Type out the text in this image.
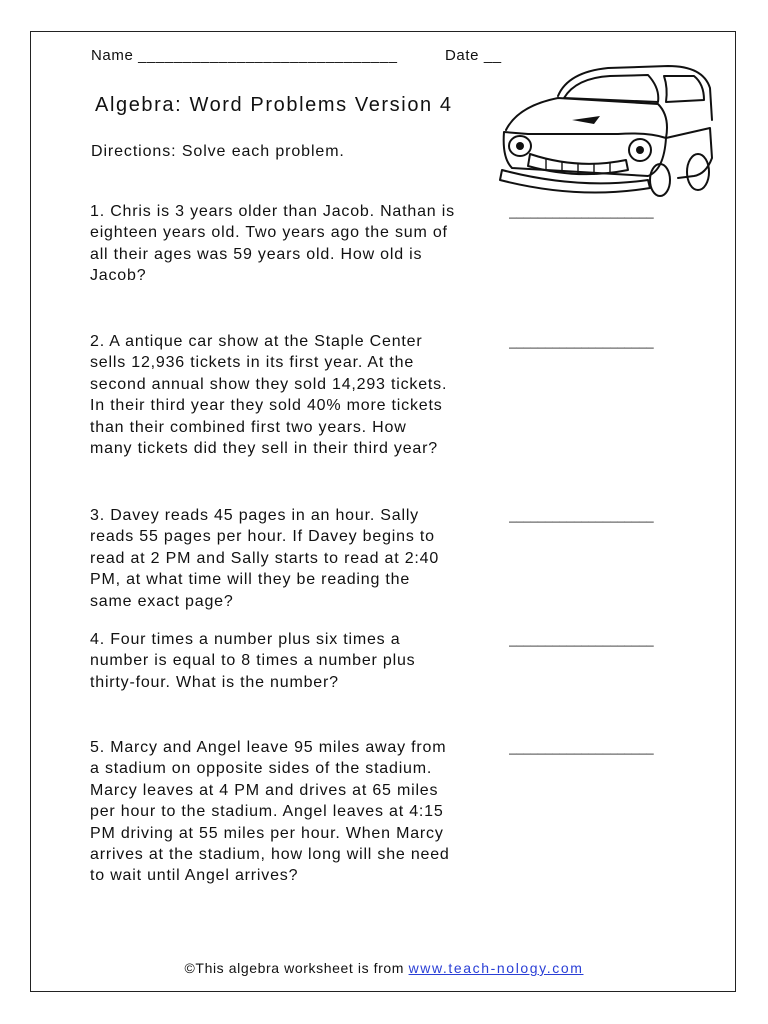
Name _____________________________	Date __
Algebra: Word Problems Version 4
Directions: Solve each problem.
1. Chris is 3 years older than Jacob. Nathan is
eighteen years old. Two years ago the sum of
all their ages was 59 years old. How old is
Jacob?
____________________
2. A antique car show at the Staple Center
sells 12,936 tickets in its first year. At the
second annual show they sold 14,293 tickets.
In their third year they sold 40% more tickets
than their combined first two years. How
many tickets did they sell in their third year?
____________________
3. Davey reads 45 pages in an hour. Sally
reads 55 pages per hour. If Davey begins to
read at 2 PM and Sally starts to read at 2:40
PM, at what time will they be reading the
same exact page?
____________________
4. Four times a number plus six times a
number is equal to 8 times a number plus
thirty-four. What is the number?
____________________
5. Marcy and Angel leave 95 miles away from
a stadium on opposite sides of the stadium.
Marcy leaves at 4 PM and drives at 65 miles
per hour to the stadium. Angel leaves at 4:15
PM driving at 55 miles per hour. When Marcy
arrives at the stadium, how long will she need
to wait until Angel arrives?
____________________
©This algebra worksheet is from www.teach-nology.com
